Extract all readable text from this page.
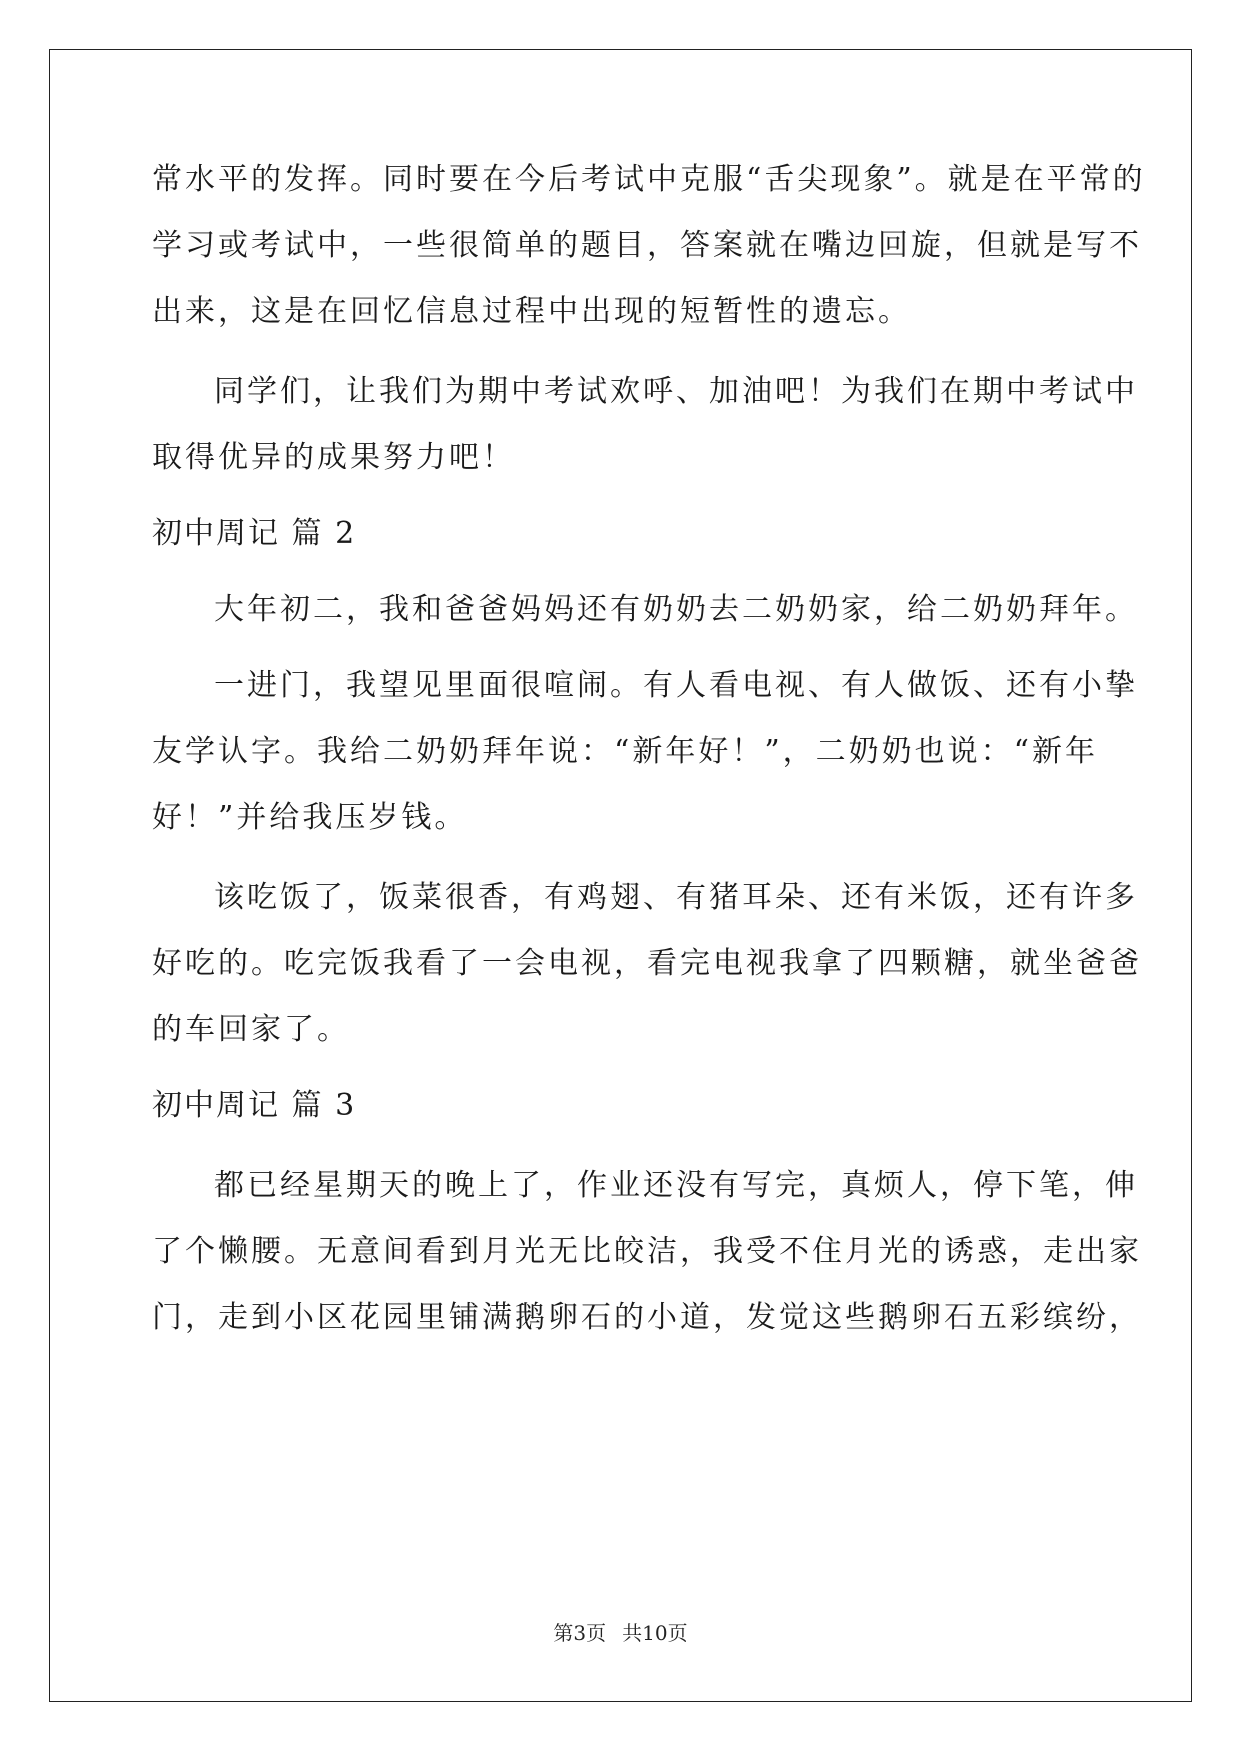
常水平的发挥。同时要在今后考试中克服“舌尖现象”。就是在平常的
学习或考试中，一些很简单的题目，答案就在嘴边回旋，但就是写不
出来，这是在回忆信息过程中出现的短暂性的遗忘。
同学们，让我们为期中考试欢呼、加油吧！为我们在期中考试中
取得优异的成果努力吧！
初中周记 篇 2
大年初二，我和爸爸妈妈还有奶奶去二奶奶家，给二奶奶拜年。
一进门，我望见里面很喧闹。有人看电视、有人做饭、还有小挚
友学认字。我给二奶奶拜年说：“新年好！”，二奶奶也说：“新年
好！”并给我压岁钱。
该吃饭了，饭菜很香，有鸡翅、有猪耳朵、还有米饭，还有许多
好吃的。吃完饭我看了一会电视，看完电视我拿了四颗糖，就坐爸爸
的车回家了。
初中周记 篇 3
都已经星期天的晚上了，作业还没有写完，真烦人，停下笔，伸
了个懒腰。无意间看到月光无比皎洁，我受不住月光的诱惑，走出家
门，走到小区花园里铺满鹅卵石的小道，发觉这些鹅卵石五彩缤纷，
第3页 共10页
